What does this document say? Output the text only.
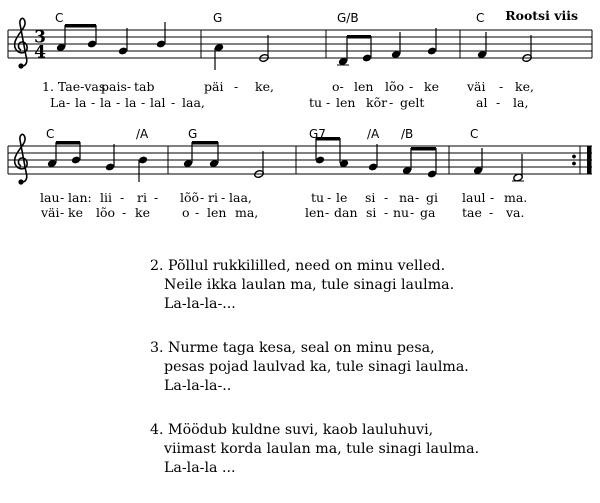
Rootsi viis
3
4
C	G	G/B	C
1. Tae-vas
pais- tab	päi - ke,	o- len lõo - ke väi - ke,
La - la - la - la - lal - laa,	tu - len kõr - gelt	al - la,
C	/A	G	G7	/A /B	C
lau - lan: lii - ri - lõõ - ri - laa,	tu - le si - na - gi laul - ma.
väi - ke lõo - ke	o - len ma,	len - dan si - nu - ga tae - va.
2. Põllul rukkililled, need on minu velled.
Neile ikka laulan ma, tule sinagi laulma.
La-la-la-...
3. Nurme taga kesa, seal on minu pesa,
pesas pojad laulvad ka, tule sinagi laulma.
La-la-la-..
4. Möödub kuldne suvi, kaob lauluhuvi,
viimast korda laulan ma, tule sinagi laulma.
La-la-la ...
